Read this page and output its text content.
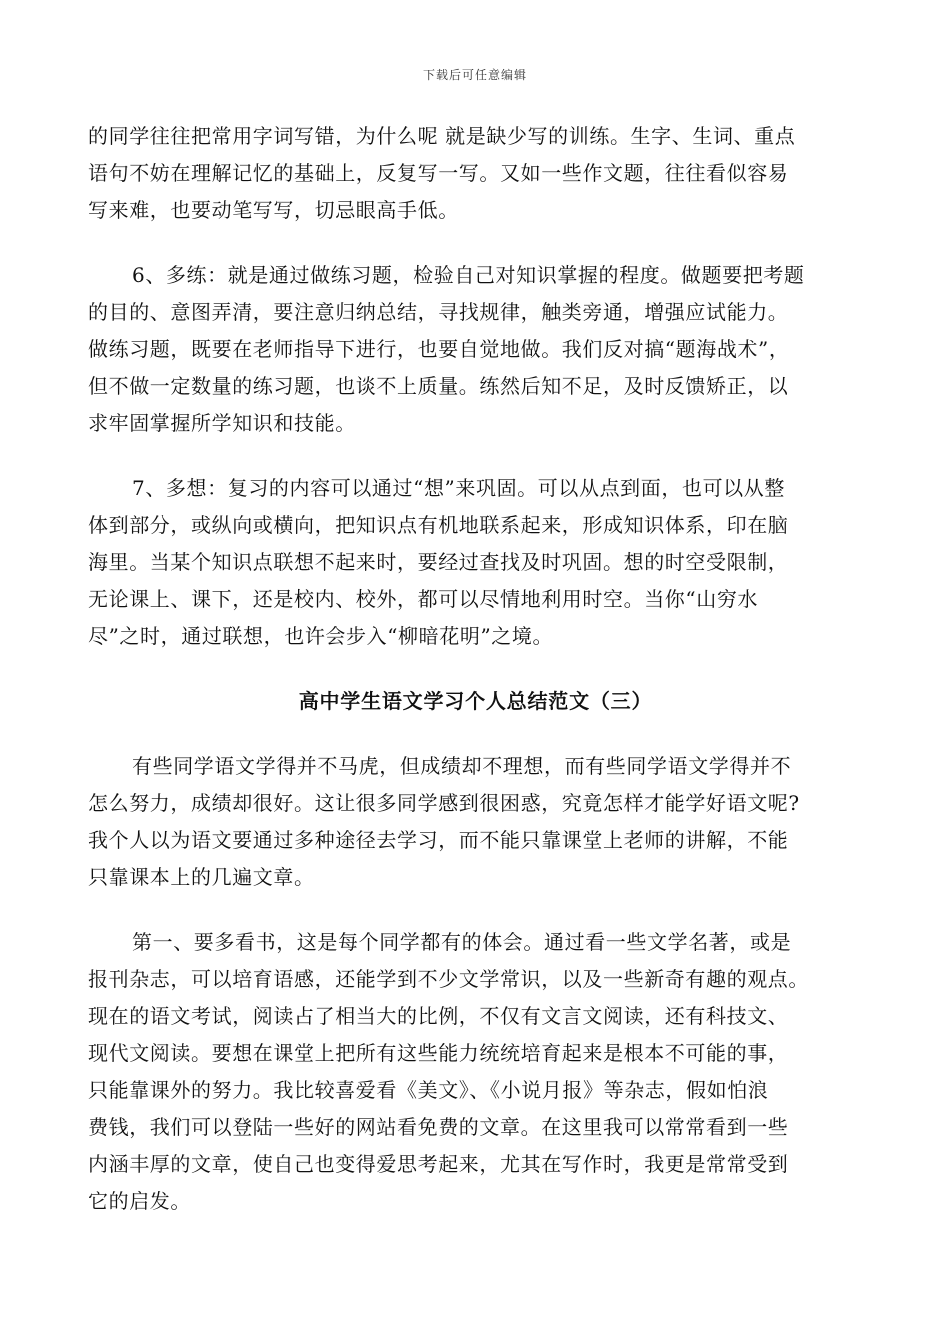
下载后可任意编辑
的同学往往把常用字词写错，为什么呢 就是缺少写的训练。生字、生词、重点
语句不妨在理解记忆的基础上，反复写一写。又如一些作文题，往往看似容易
写来难，也要动笔写写，切忌眼高手低。
6、多练：就是通过做练习题，检验自己对知识掌握的程度。做题要把考题
的目的、意图弄清，要注意归纳总结，寻找规律，触类旁通，增强应试能力。
做练习题，既要在老师指导下进行，也要自觉地做。我们反对搞“题海战术”，
但不做一定数量的练习题，也谈不上质量。练然后知不足，及时反馈矫正，以
求牢固掌握所学知识和技能。
7、多想：复习的内容可以通过“想”来巩固。可以从点到面，也可以从整
体到部分，或纵向或横向，把知识点有机地联系起来，形成知识体系，印在脑
海里。当某个知识点联想不起来时，要经过查找及时巩固。想的时空受限制，
无论课上、课下，还是校内、校外，都可以尽情地利用时空。当你“山穷水
尽”之时，通过联想，也许会步入“柳暗花明”之境。
高中学生语文学习个人总结范文（三）
有些同学语文学得并不马虎，但成绩却不理想，而有些同学语文学得并不
怎么努力，成绩却很好。这让很多同学感到很困惑，究竟怎样才能学好语文呢?
我个人以为语文要通过多种途径去学习，而不能只靠课堂上老师的讲解，不能
只靠课本上的几遍文章。
第一、要多看书，这是每个同学都有的体会。通过看一些文学名著，或是
报刊杂志，可以培育语感，还能学到不少文学常识，以及一些新奇有趣的观点。
现在的语文考试，阅读占了相当大的比例，不仅有文言文阅读，还有科技文、
现代文阅读。要想在课堂上把所有这些能力统统培育起来是根本不可能的事，
只能靠课外的努力。我比较喜爱看《美文》、《小说月报》等杂志，假如怕浪
费钱，我们可以登陆一些好的网站看免费的文章。在这里我可以常常看到一些
内涵丰厚的文章，使自己也变得爱思考起来，尤其在写作时，我更是常常受到
它的启发。
